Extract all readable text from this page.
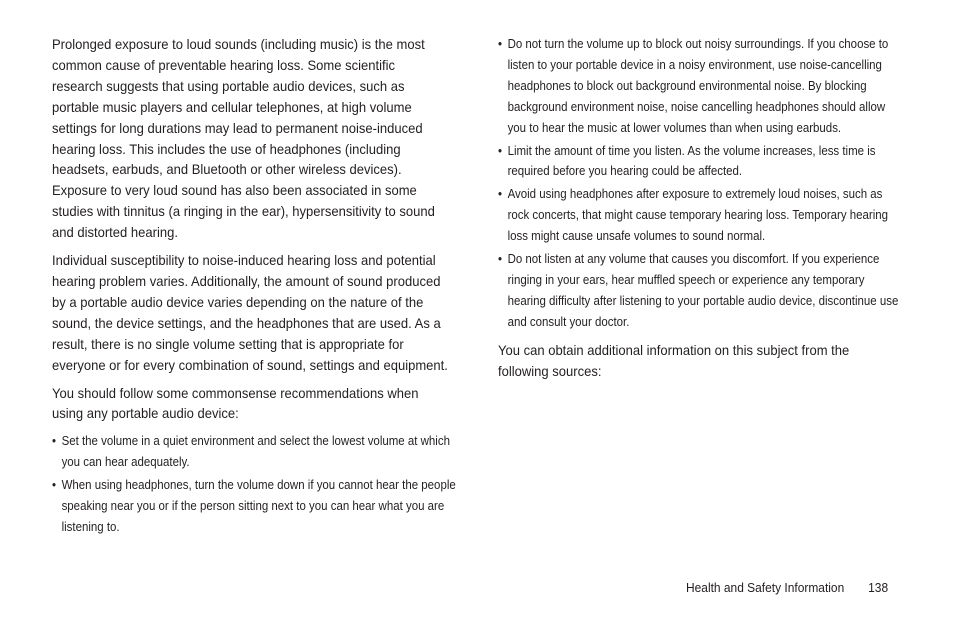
Prolonged exposure to loud sounds (including music) is the most common cause of preventable hearing loss. Some scientific research suggests that using portable audio devices, such as portable music players and cellular telephones, at high volume settings for long durations may lead to permanent noise-induced hearing loss. This includes the use of headphones (including headsets, earbuds, and Bluetooth or other wireless devices). Exposure to very loud sound has also been associated in some studies with tinnitus (a ringing in the ear), hypersensitivity to sound and distorted hearing.

Individual susceptibility to noise-induced hearing loss and potential hearing problem varies. Additionally, the amount of sound produced by a portable audio device varies depending on the nature of the sound, the device settings, and the headphones that are used. As a result, there is no single volume setting that is appropriate for everyone or for every combination of sound, settings and equipment.

You should follow some commonsense recommendations when using any portable audio device:

• Set the volume in a quiet environment and select the lowest volume at which you can hear adequately.
• When using headphones, turn the volume down if you cannot hear the people speaking near you or if the person sitting next to you can hear what you are listening to.
• Do not turn the volume up to block out noisy surroundings. If you choose to listen to your portable device in a noisy environment, use noise-cancelling headphones to block out background environmental noise. By blocking background environment noise, noise cancelling headphones should allow you to hear the music at lower volumes than when using earbuds.
• Limit the amount of time you listen. As the volume increases, less time is required before you hearing could be affected.
• Avoid using headphones after exposure to extremely loud noises, such as rock concerts, that might cause temporary hearing loss. Temporary hearing loss might cause unsafe volumes to sound normal.
• Do not listen at any volume that causes you discomfort. If you experience ringing in your ears, hear muffled speech or experience any temporary hearing difficulty after listening to your portable audio device, discontinue use and consult your doctor.

You can obtain additional information on this subject from the following sources:

Health and Safety Information 138
